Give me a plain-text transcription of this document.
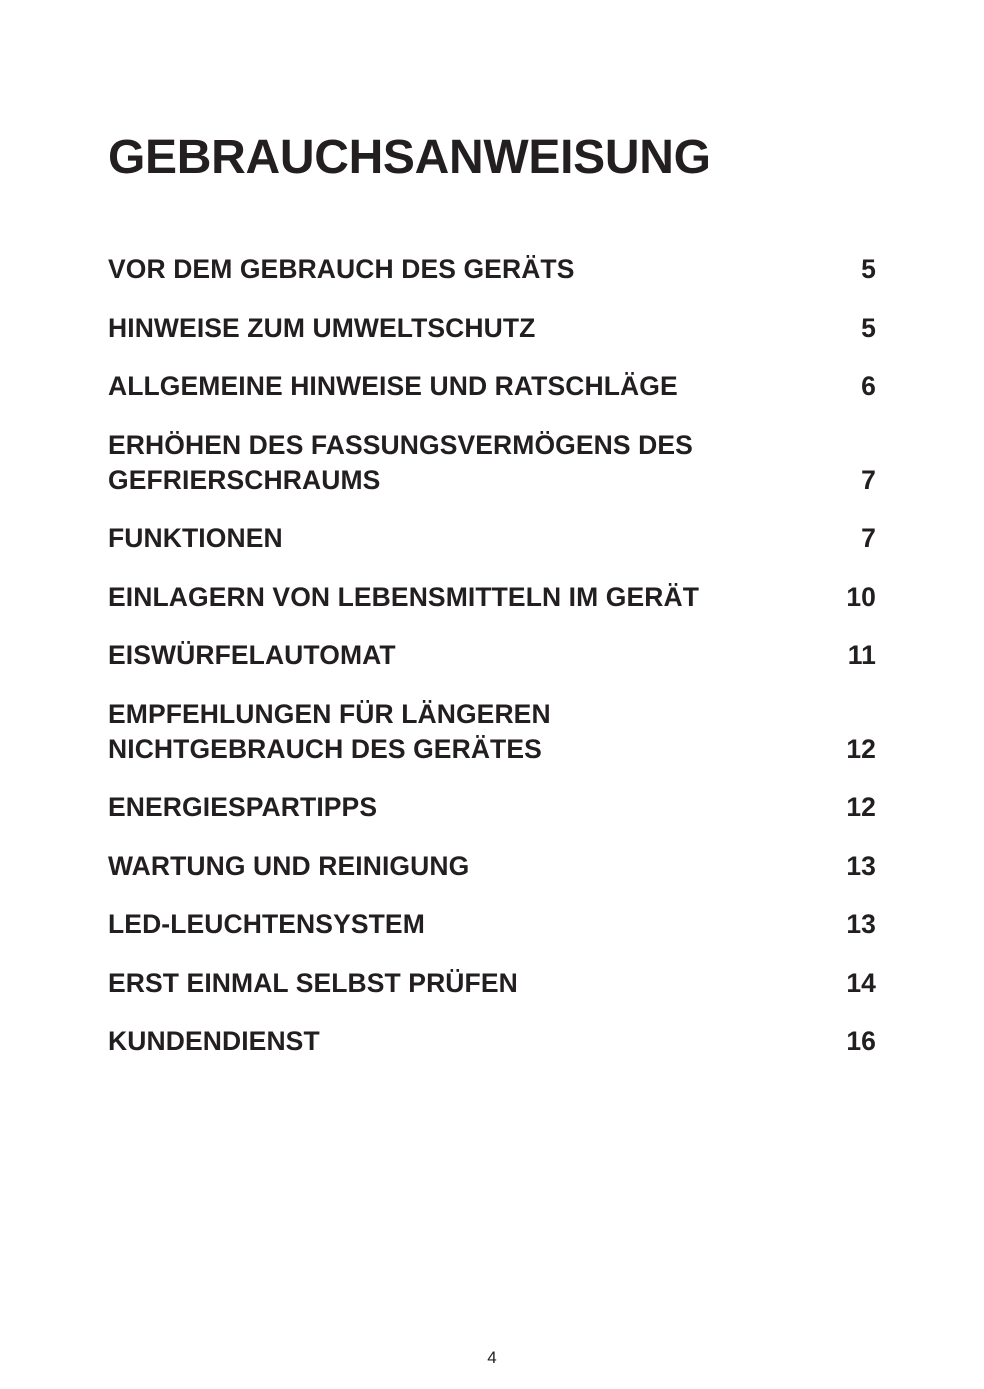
GEBRAUCHSANWEISUNG
VOR DEM GEBRAUCH DES GERÄTS	5
HINWEISE ZUM UMWELTSCHUTZ	5
ALLGEMEINE HINWEISE UND RATSCHLÄGE	6
ERHÖHEN DES FASSUNGSVERMÖGENS DES
GEFRIERSCHRAUMS	7
FUNKTIONEN	7
EINLAGERN VON LEBENSMITTELN IM GERÄT	10
EISWÜRFELAUTOMAT	11
EMPFEHLUNGEN FÜR LÄNGEREN
NICHTGEBRAUCH DES GERÄTES	12
ENERGIESPARTIPPS	12
WARTUNG UND REINIGUNG	13
LED-LEUCHTENSYSTEM	13
ERST EINMAL SELBST PRÜFEN	14
KUNDENDIENST	16
4
